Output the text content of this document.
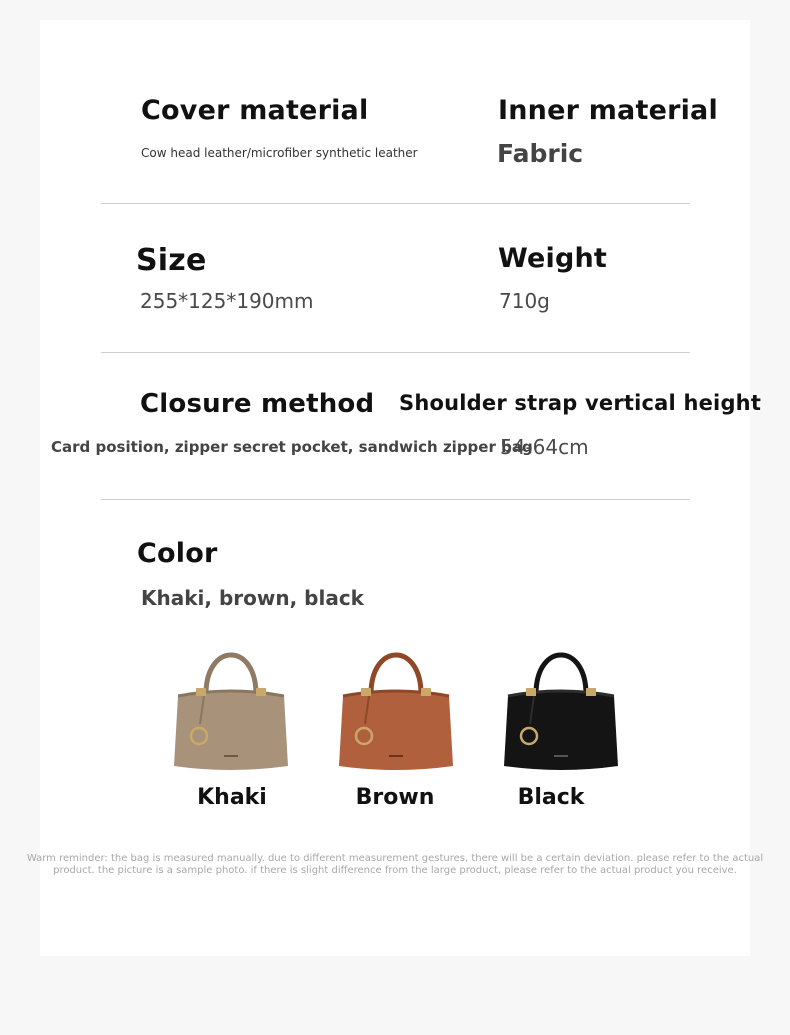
Cover material
Cow head leather/microfiber synthetic leather
Inner material
Fabric
Size
255*125*190mm
Weight
710g
Closure method
Card position, zipper secret pocket, sandwich zipper bag
Shoulder strap vertical height
54-64cm
Color
Khaki, brown, black
Khaki	Brown	Black
Warm reminder: the bag is measured manually. due to different measurement gestures, there will be a certain deviation. please refer to the actual product. the picture is a sample photo. if there is slight difference from the large product, please refer to the actual product you receive.
